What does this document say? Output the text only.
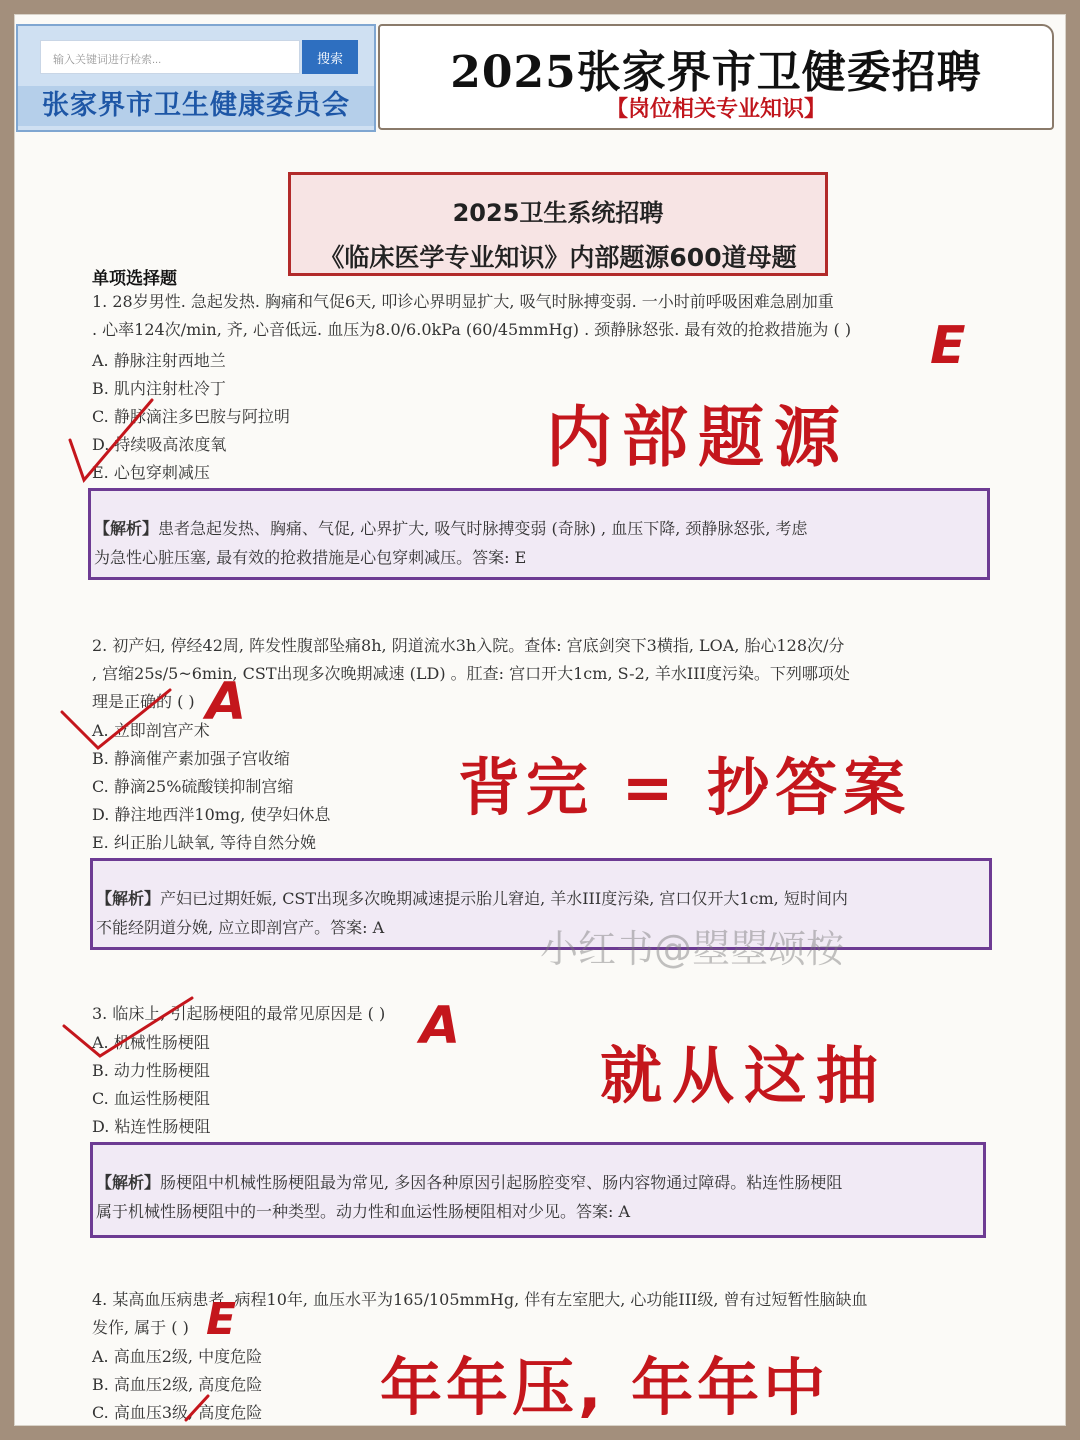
输入关键词进行检索...	搜索
张家界市卫生健康委员会
2025张家界市卫健委招聘
【岗位相关专业知识】
2025卫生系统招聘
《临床医学专业知识》内部题源600道母题
单项选择题
1. 28岁男性. 急起发热. 胸痛和气促6天, 叩诊心界明显扩大, 吸气时脉搏变弱. 一小时前呼吸困难急剧加重
. 心率124次/min, 齐, 心音低远. 血压为8.0/6.0kPa (60/45mmHg) . 颈静脉怒张. 最有效的抢救措施为 ( )
A. 静脉注射西地兰
B. 肌内注射杜冷丁
C. 静脉滴注多巴胺与阿拉明
D. 持续吸高浓度氧
E. 心包穿刺减压
【解析】患者急起发热、胸痛、气促, 心界扩大, 吸气时脉搏变弱 (奇脉) , 血压下降, 颈静脉怒张, 考虑
为急性心脏压塞, 最有效的抢救措施是心包穿刺减压。答案: E
2. 初产妇, 停经42周, 阵发性腹部坠痛8h, 阴道流水3h入院。查体: 宫底剑突下3横指, LOA, 胎心128次/分
, 宫缩25s/5~6min, CST出现多次晚期减速 (LD) 。肛查: 宫口开大1cm, S-2, 羊水III度污染。下列哪项处
理是正确的 ( )
A. 立即剖宫产术
B. 静滴催产素加强子宫收缩
C. 静滴25%硫酸镁抑制宫缩
D. 静注地西泮10mg, 使孕妇休息
E. 纠正胎儿缺氧, 等待自然分娩
【解析】产妇已过期妊娠, CST出现多次晚期减速提示胎儿窘迫, 羊水III度污染, 宫口仅开大1cm, 短时间内
不能经阴道分娩, 应立即剖宫产。答案: A
3. 临床上, 引起肠梗阻的最常见原因是 ( )
A. 机械性肠梗阻
B. 动力性肠梗阻
C. 血运性肠梗阻
D. 粘连性肠梗阻
【解析】肠梗阻中机械性肠梗阻最为常见, 多因各种原因引起肠腔变窄、肠内容物通过障碍。粘连性肠梗阻
属于机械性肠梗阻中的一种类型。动力性和血运性肠梗阻相对少见。答案: A
4. 某高血压病患者, 病程10年, 血压水平为165/105mmHg, 伴有左室肥大, 心功能III级, 曾有过短暂性脑缺血
发作, 属于 ( )
A. 高血压2级, 中度危险
B. 高血压2级, 高度危险
C. 高血压3级, 高度危险
内部题源
背完 = 抄答案
就从这抽
年年压, 年年中
E
A
A
E
小红书@曌曌颂桉
